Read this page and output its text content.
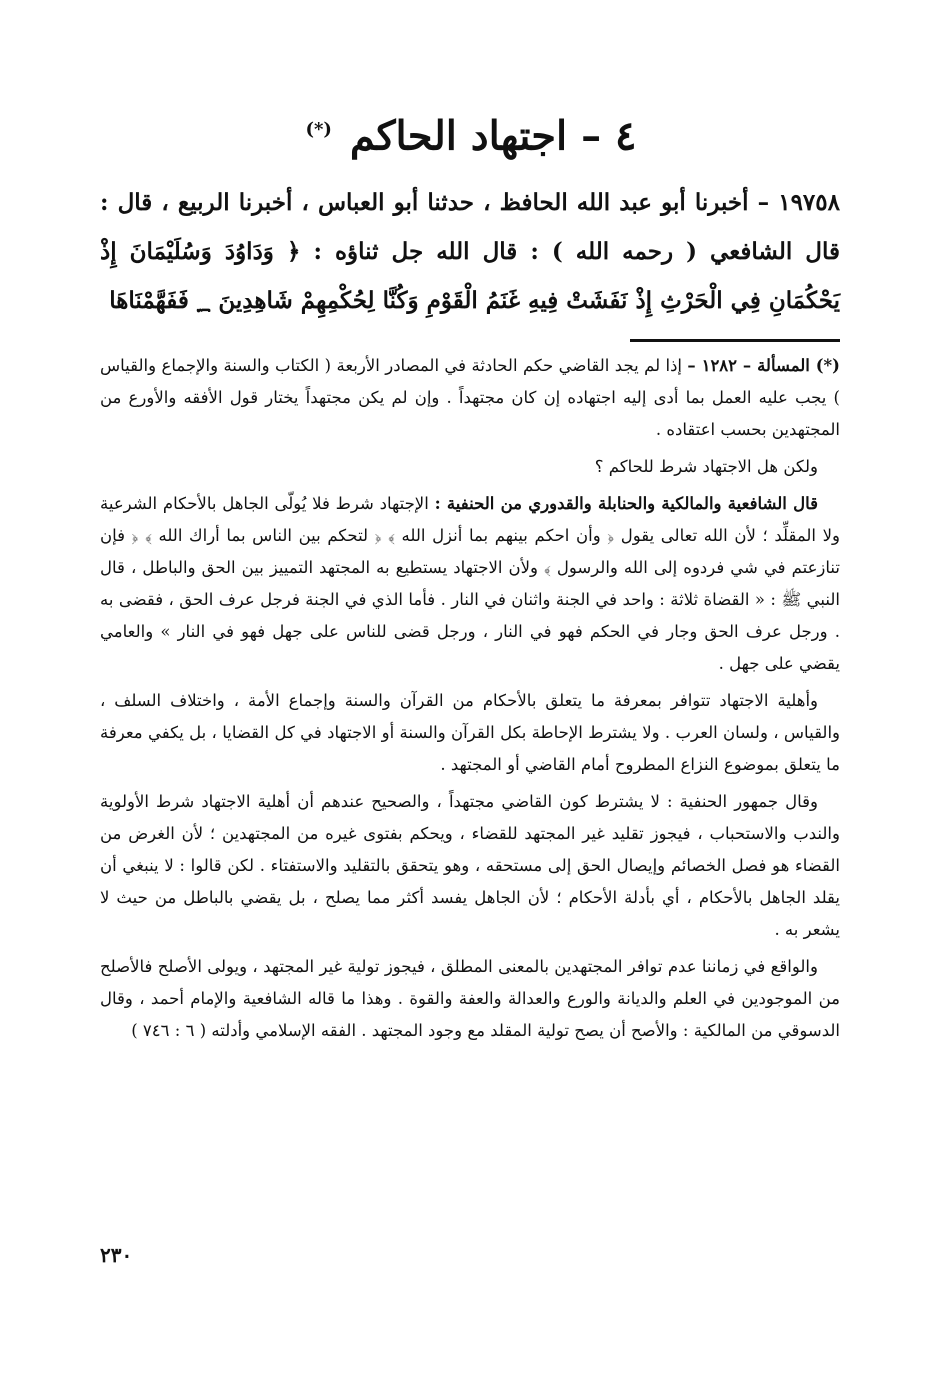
٤ – اجتهاد الحاكم (*)
١٩٧٥٨ – أخبرنا أبو عبد الله الحافظ ، حدثنا أبو العباس ، أخبرنا الربيع ، قال : قال الشافعي ( رحمه الله ) : قال الله جل ثناؤه : ﴿ وَدَاوُدَ وَسُلَيْمَانَ إِذْ يَحْكُمَانِ فِي الْحَرْثِ إِذْ نَفَشَتْ فِيهِ غَنَمُ الْقَوْمِ وَكُنَّا لِحُكْمِهِمْ شَاهِدِينَ ؁ فَفَهَّمْنَاهَا

(*) المسألة – ١٢٨٢ – إذا لم يجد القاضي حكم الحادثة في المصادر الأربعة ( الكتاب والسنة والإجماع والقياس ) يجب عليه العمل بما أدى إليه اجتهاده إن كان مجتهداً . وإن لم يكن مجتهداً يختار قول الأفقه والأورع من المجتهدين بحسب اعتقاده .

ولكن هل الاجتهاد شرط للحاكم ؟

قال الشافعية والمالكية والحنابلة والقدوري من الحنفية : الإجتهاد شرط فلا يُولّى الجاهل بالأحكام الشرعية ولا المقلِّد ؛ لأن الله تعالى يقول ﴿ وأن احكم بينهم بما أنزل الله ﴾ ﴿ لتحكم بين الناس بما أراك الله ﴾ ﴿ فإن تنازعتم في شي فردوه إلى الله والرسول ﴾ ولأن الاجتهاد يستطيع به المجتهد التمييز بين الحق والباطل ، قال النبي ﷺ : « القضاة ثلاثة : واحد في الجنة واثنان في النار . فأما الذي في الجنة فرجل عرف الحق ، فقضى به . ورجل عرف الحق وجار في الحكم فهو في النار ، ورجل قضى للناس على جهل فهو في النار » والعامي يقضي على جهل .

وأهلية الاجتهاد تتوافر بمعرفة ما يتعلق بالأحكام من القرآن والسنة وإجماع الأمة ، واختلاف السلف ، والقياس ، ولسان العرب . ولا يشترط الإحاطة بكل القرآن والسنة أو الاجتهاد في كل القضايا ، بل يكفي معرفة ما يتعلق بموضوع النزاع المطروح أمام القاضي أو المجتهد .

وقال جمهور الحنفية : لا يشترط كون القاضي مجتهداً ، والصحيح عندهم أن أهلية الاجتهاد شرط الأولوية والندب والاستحباب ، فيجوز تقليد غير المجتهد للقضاء ، ويحكم بفتوى غيره من المجتهدين ؛ لأن الغرض من القضاء هو فصل الخصائم وإيصال الحق إلى مستحقه ، وهو يتحقق بالتقليد والاستفتاء . لكن قالوا : لا ينبغي أن يقلد الجاهل بالأحكام ، أي بأدلة الأحكام ؛ لأن الجاهل يفسد أكثر مما يصلح ، بل يقضي بالباطل من حيث لا يشعر به .

والواقع في زماننا عدم توافر المجتهدين بالمعنى المطلق ، فيجوز تولية غير المجتهد ، ويولى الأصلح فالأصلح من الموجودين في العلم والديانة والورع والعدالة والعفة والقوة . وهذا ما قاله الشافعية والإمام أحمد ، وقال الدسوقي من المالكية : والأصح أن يصح تولية المقلد مع وجود المجتهد . الفقه الإسلامي وأدلته ( ٦ : ٧٤٦ )

٢٣٠
